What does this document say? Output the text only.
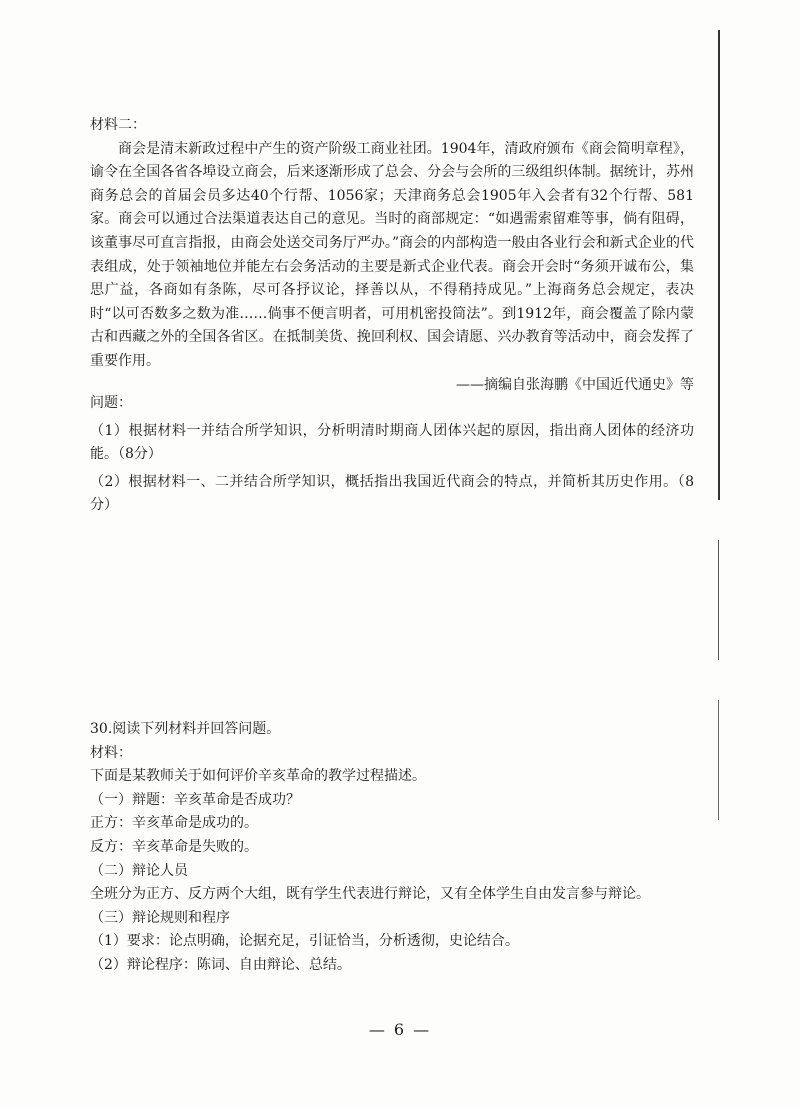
材料二：

商会是清末新政过程中产生的资产阶级工商业社团。1904年，清政府颁布《商会简明章程》，谕令在全国各省各埠设立商会，后来逐渐形成了总会、分会与会所的三级组织体制。据统计，苏州商务总会的首届会员多达40个行帮、1056家；天津商务总会1905年入会者有32个行帮、581家。商会可以通过合法渠道表达自己的意见。当时的商部规定：“如遇需索留难等事，倘有阻碍，该董事尽可直言指报，由商会处送交司务厅严办。”商会的内部构造一般由各业行会和新式企业的代表组成，处于领袖地位并能左右会务活动的主要是新式企业代表。商会开会时“务须开诚布公，集思广益，各商如有条陈，尽可各抒议论，择善以从，不得稍持成见。”上海商务总会规定，表决时“以可否数多之数为准……倘事不便言明者，可用机密投筒法”。到1912年，商会覆盖了除内蒙古和西藏之外的全国各省区。在抵制美货、挽回利权、国会请愿、兴办教育等活动中，商会发挥了重要作用。

——摘编自张海鹏《中国近代通史》等

问题：

（1）根据材料一并结合所学知识，分析明清时期商人团体兴起的原因，指出商人团体的经济功能。（8分）

（2）根据材料一、二并结合所学知识，概括指出我国近代商会的特点，并简析其历史作用。（8分）

30.阅读下列材料并回答问题。

材料：

下面是某教师关于如何评价辛亥革命的教学过程描述。

（一）辩题：辛亥革命是否成功？

正方：辛亥革命是成功的。

反方：辛亥革命是失败的。

（二）辩论人员

全班分为正方、反方两个大组，既有学生代表进行辩论，又有全体学生自由发言参与辩论。

（三）辩论规则和程序

（1）要求：论点明确，论据充足，引证恰当，分析透彻，史论结合。

（2）辩论程序：陈词、自由辩论、总结。

— 6 —
